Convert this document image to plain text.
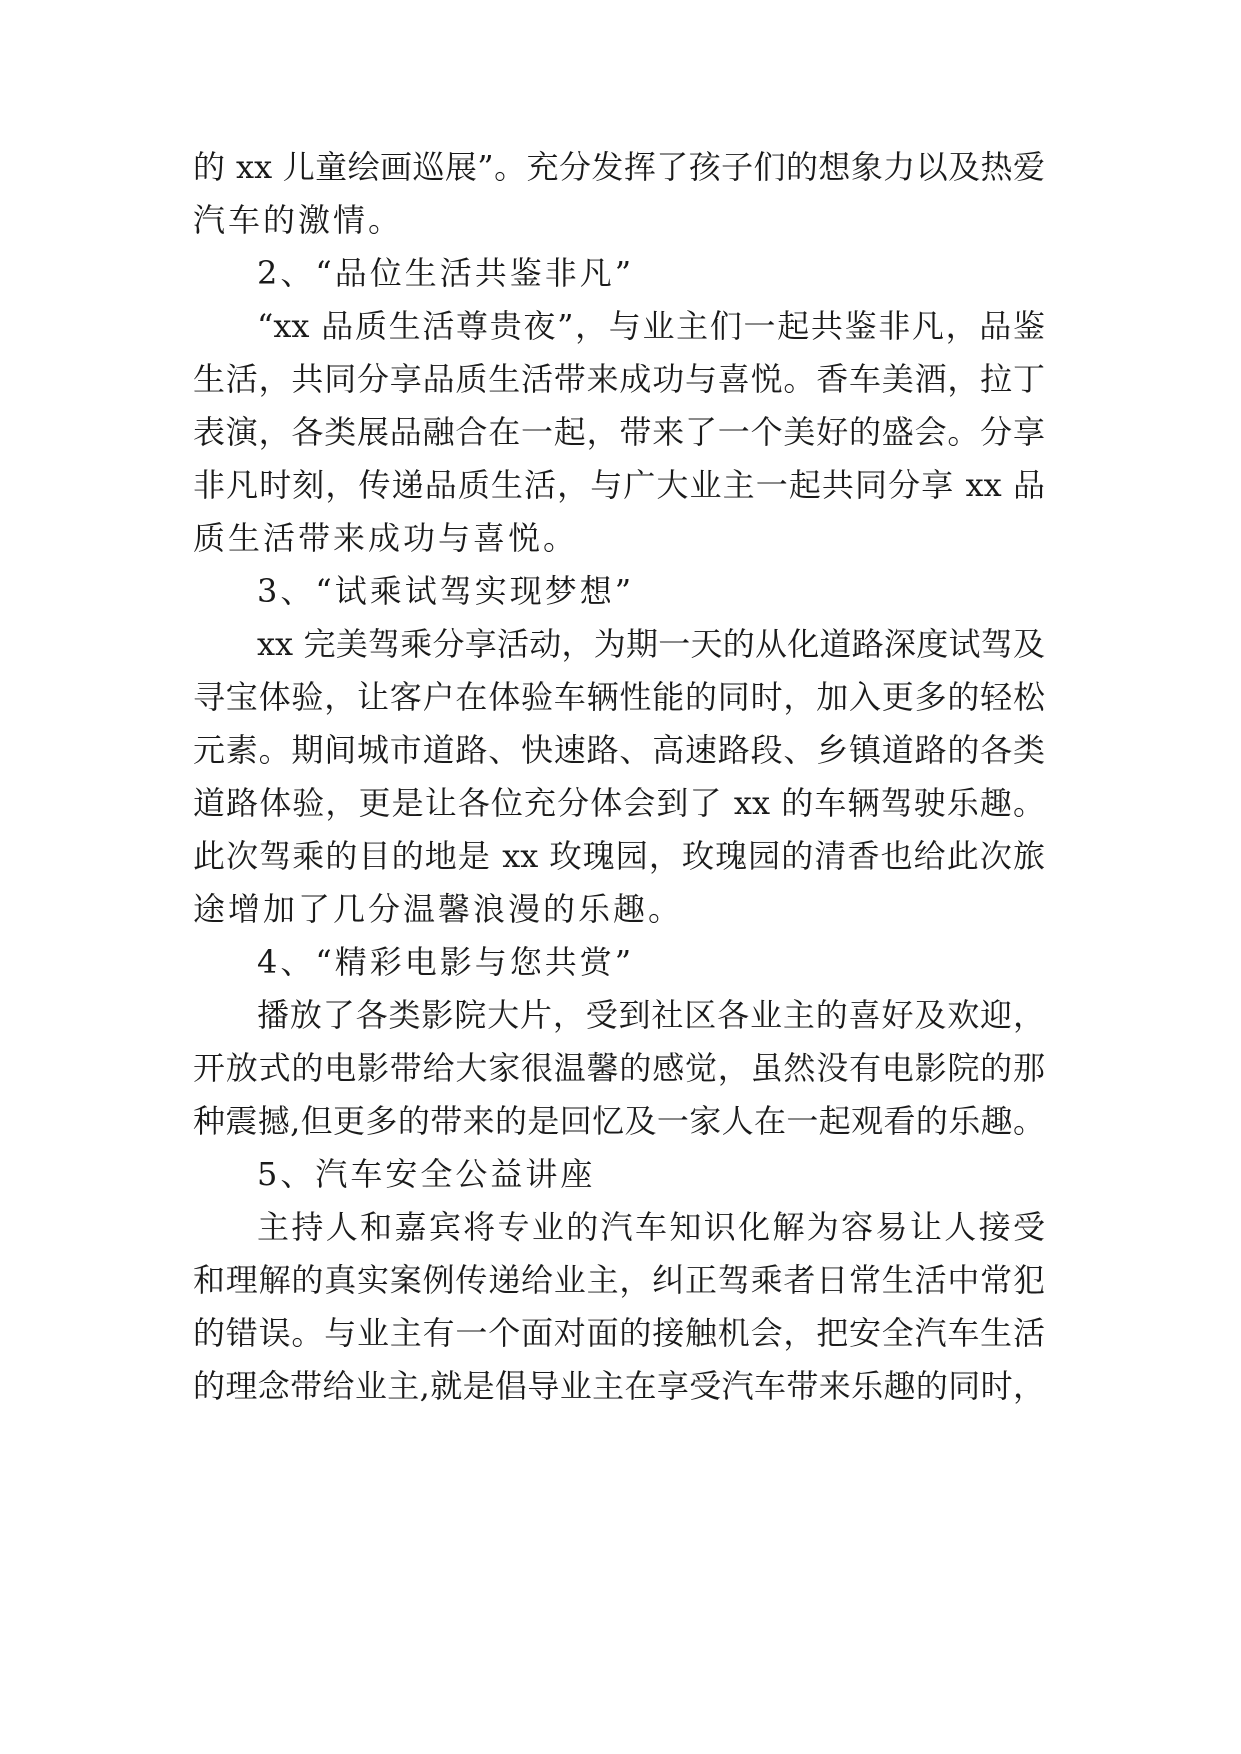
的 xx 儿童绘画巡展”。充分发挥了孩子们的想象力以及热爱
汽车的激情。
2、“品位生活共鉴非凡”
“xx 品质生活尊贵夜”，与业主们一起共鉴非凡，品鉴
生活，共同分享品质生活带来成功与喜悦。香车美酒，拉丁
表演，各类展品融合在一起，带来了一个美好的盛会。分享
非凡时刻，传递品质生活，与广大业主一起共同分享 xx 品
质生活带来成功与喜悦。
3、“试乘试驾实现梦想”
xx 完美驾乘分享活动，为期一天的从化道路深度试驾及
寻宝体验，让客户在体验车辆性能的同时，加入更多的轻松
元素。期间城市道路、快速路、高速路段、乡镇道路的各类
道路体验，更是让各位充分体会到了 xx 的车辆驾驶乐趣。
此次驾乘的目的地是 xx 玫瑰园，玫瑰园的清香也给此次旅
途增加了几分温馨浪漫的乐趣。
4、“精彩电影与您共赏”
播放了各类影院大片，受到社区各业主的喜好及欢迎，
开放式的电影带给大家很温馨的感觉，虽然没有电影院的那
种震撼,但更多的带来的是回忆及一家人在一起观看的乐趣。
5、汽车安全公益讲座
主持人和嘉宾将专业的汽车知识化解为容易让人接受
和理解的真实案例传递给业主，纠正驾乘者日常生活中常犯
的错误。与业主有一个面对面的接触机会，把安全汽车生活
的理念带给业主,就是倡导业主在享受汽车带来乐趣的同时，
